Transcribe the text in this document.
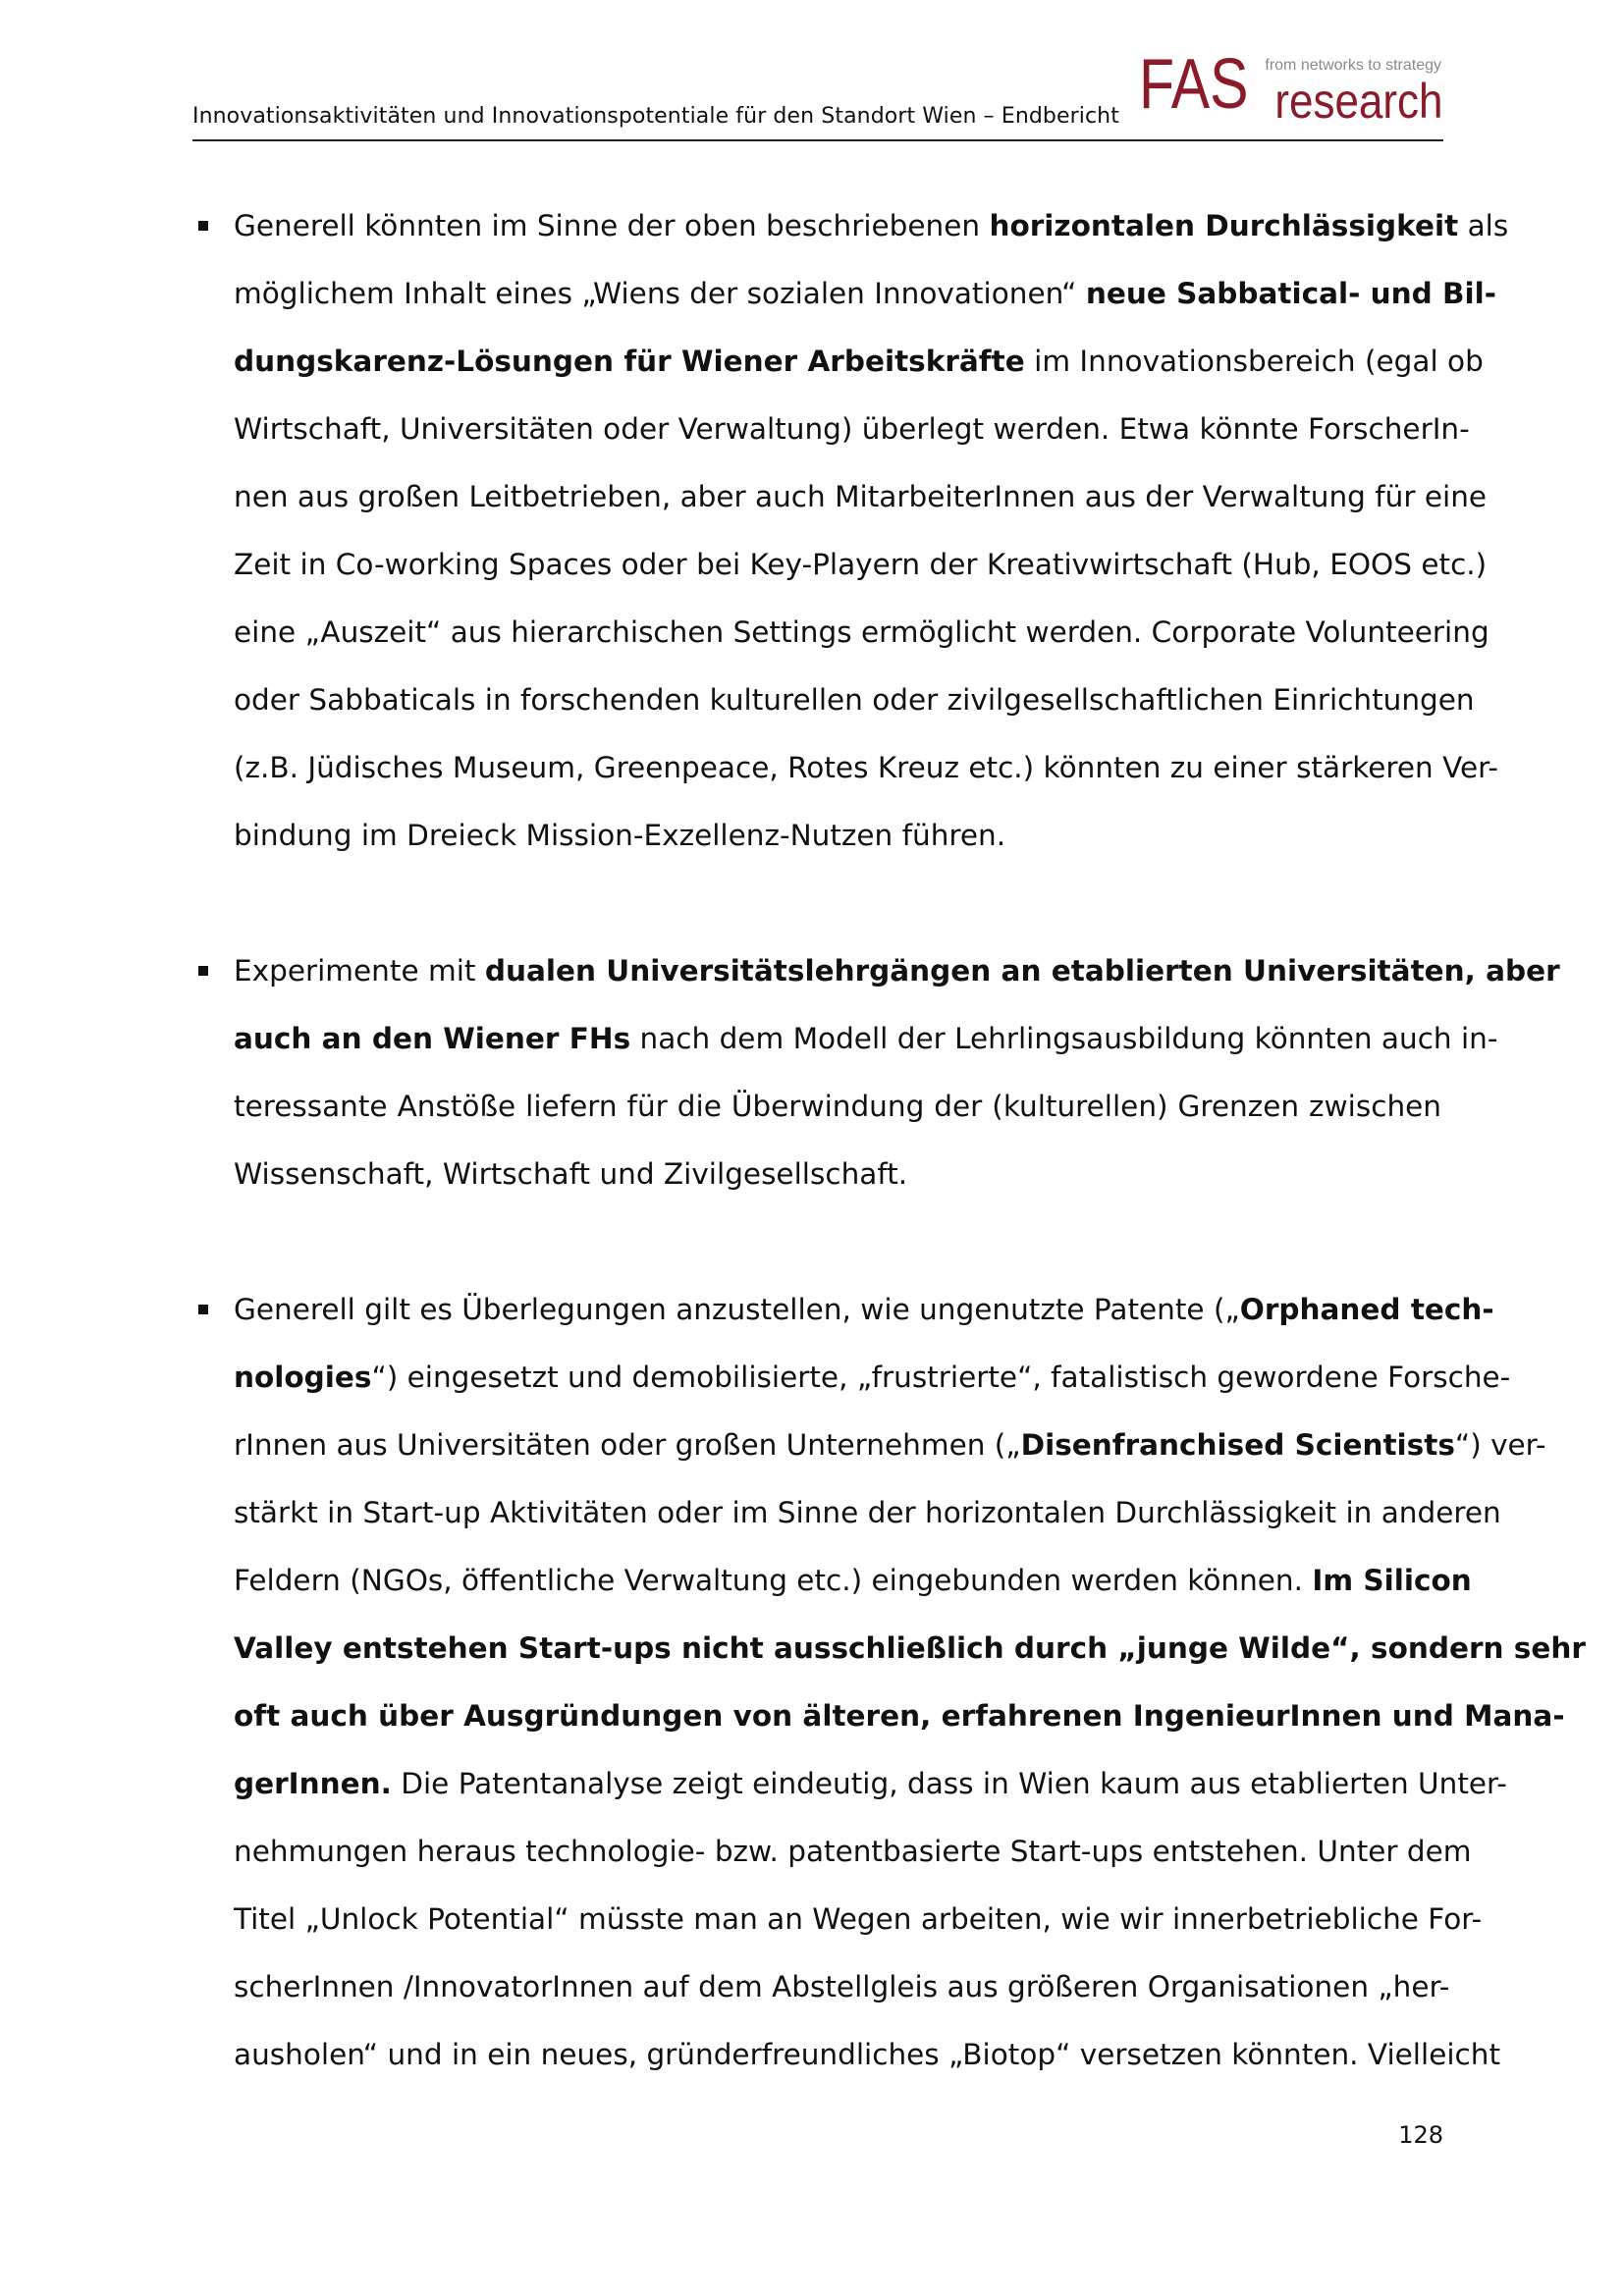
Innovationsaktivitäten und Innovationspotentiale für den Standort Wien – Endbericht FAS from networks to strategy
research
Generell könnten im Sinne der oben beschriebenen horizontalen Durchlässigkeit als
möglichem Inhalt eines „Wiens der sozialen Innovationen“ neue Sabbatical- und Bil-
dungskarenz-Lösungen für Wiener Arbeitskräfte im Innovationsbereich (egal ob
Wirtschaft, Universitäten oder Verwaltung) überlegt werden. Etwa könnte ForscherIn-
nen aus großen Leitbetrieben, aber auch MitarbeiterInnen aus der Verwaltung für eine
Zeit in Co-working Spaces oder bei Key-Playern der Kreativwirtschaft (Hub, EOOS etc.)
eine „Auszeit“ aus hierarchischen Settings ermöglicht werden. Corporate Volunteering
oder Sabbaticals in forschenden kulturellen oder zivilgesellschaftlichen Einrichtungen
(z.B. Jüdisches Museum, Greenpeace, Rotes Kreuz etc.) könnten zu einer stärkeren Ver-
bindung im Dreieck Mission-Exzellenz-Nutzen führen.
Experimente mit dualen Universitätslehrgängen an etablierten Universitäten, aber
auch an den Wiener FHs nach dem Modell der Lehrlingsausbildung könnten auch in-
teressante Anstöße liefern für die Überwindung der (kulturellen) Grenzen zwischen
Wissenschaft, Wirtschaft und Zivilgesellschaft.
Generell gilt es Überlegungen anzustellen, wie ungenutzte Patente („Orphaned tech-
nologies“) eingesetzt und demobilisierte, „frustrierte“, fatalistisch gewordene Forsche-
rInnen aus Universitäten oder großen Unternehmen („Disenfranchised Scientists“) ver-
stärkt in Start-up Aktivitäten oder im Sinne der horizontalen Durchlässigkeit in anderen
Feldern (NGOs, öffentliche Verwaltung etc.) eingebunden werden können. Im Silicon
Valley entstehen Start-ups nicht ausschließlich durch „junge Wilde“, sondern sehr
oft auch über Ausgründungen von älteren, erfahrenen IngenieurInnen und Mana-
gerInnen. Die Patentanalyse zeigt eindeutig, dass in Wien kaum aus etablierten Unter-
nehmungen heraus technologie- bzw. patentbasierte Start-ups entstehen. Unter dem
Titel „Unlock Potential“ müsste man an Wegen arbeiten, wie wir innerbetriebliche For-
scherInnen /InnovatorInnen auf dem Abstellgleis aus größeren Organisationen „her-
ausholen“ und in ein neues, gründerfreundliches „Biotop“ versetzen könnten. Vielleicht
128
